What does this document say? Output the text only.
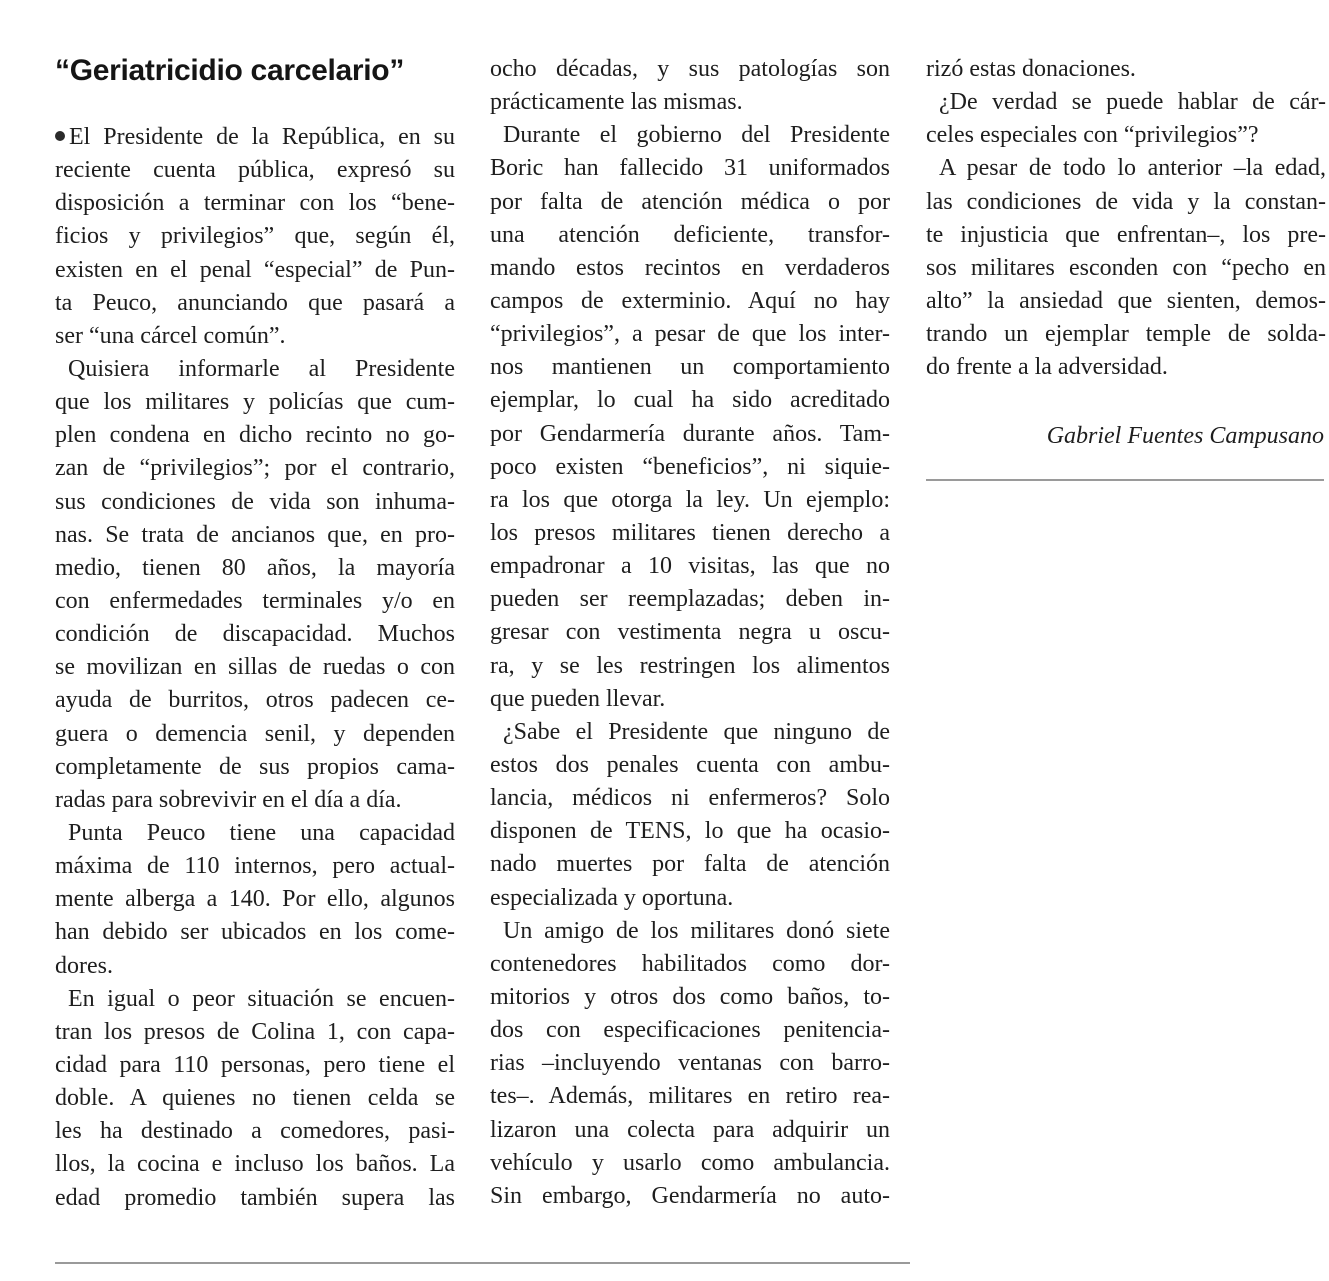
“Geriatricidio carcelario”
El Presidente de la República, en su
reciente cuenta pública, expresó su
disposición a terminar con los “bene-
ficios y privilegios” que, según él,
existen en el penal “especial” de Pun-
ta Peuco, anunciando que pasará a
ser “una cárcel común”.
Quisiera informarle al Presidente
que los militares y policías que cum-
plen condena en dicho recinto no go-
zan de “privilegios”; por el contrario,
sus condiciones de vida son inhuma-
nas. Se trata de ancianos que, en pro-
medio, tienen 80 años, la mayoría
con enfermedades terminales y/o en
condición de discapacidad. Muchos
se movilizan en sillas de ruedas o con
ayuda de burritos, otros padecen ce-
guera o demencia senil, y dependen
completamente de sus propios cama-
radas para sobrevivir en el día a día.
Punta Peuco tiene una capacidad
máxima de 110 internos, pero actual-
mente alberga a 140. Por ello, algunos
han debido ser ubicados en los come-
dores.
En igual o peor situación se encuen-
tran los presos de Colina 1, con capa-
cidad para 110 personas, pero tiene el
doble. A quienes no tienen celda se
les ha destinado a comedores, pasi-
llos, la cocina e incluso los baños. La
edad promedio también supera las
ocho décadas, y sus patologías son
prácticamente las mismas.
Durante el gobierno del Presidente
Boric han fallecido 31 uniformados
por falta de atención médica o por
una atención deficiente, transfor-
mando estos recintos en verdaderos
campos de exterminio. Aquí no hay
“privilegios”, a pesar de que los inter-
nos mantienen un comportamiento
ejemplar, lo cual ha sido acreditado
por Gendarmería durante años. Tam-
poco existen “beneficios”, ni siquie-
ra los que otorga la ley. Un ejemplo:
los presos militares tienen derecho a
empadronar a 10 visitas, las que no
pueden ser reemplazadas; deben in-
gresar con vestimenta negra u oscu-
ra, y se les restringen los alimentos
que pueden llevar.
¿Sabe el Presidente que ninguno de
estos dos penales cuenta con ambu-
lancia, médicos ni enfermeros? Solo
disponen de TENS, lo que ha ocasio-
nado muertes por falta de atención
especializada y oportuna.
Un amigo de los militares donó siete
contenedores habilitados como dor-
mitorios y otros dos como baños, to-
dos con especificaciones penitencia-
rias –incluyendo ventanas con barro-
tes–. Además, militares en retiro rea-
lizaron una colecta para adquirir un
vehículo y usarlo como ambulancia.
Sin embargo, Gendarmería no auto-
rizó estas donaciones.
¿De verdad se puede hablar de cár-
celes especiales con “privilegios”?
A pesar de todo lo anterior –la edad,
las condiciones de vida y la constan-
te injusticia que enfrentan–, los pre-
sos militares esconden con “pecho en
alto” la ansiedad que sienten, demos-
trando un ejemplar temple de solda-
do frente a la adversidad.
Gabriel Fuentes Campusano
